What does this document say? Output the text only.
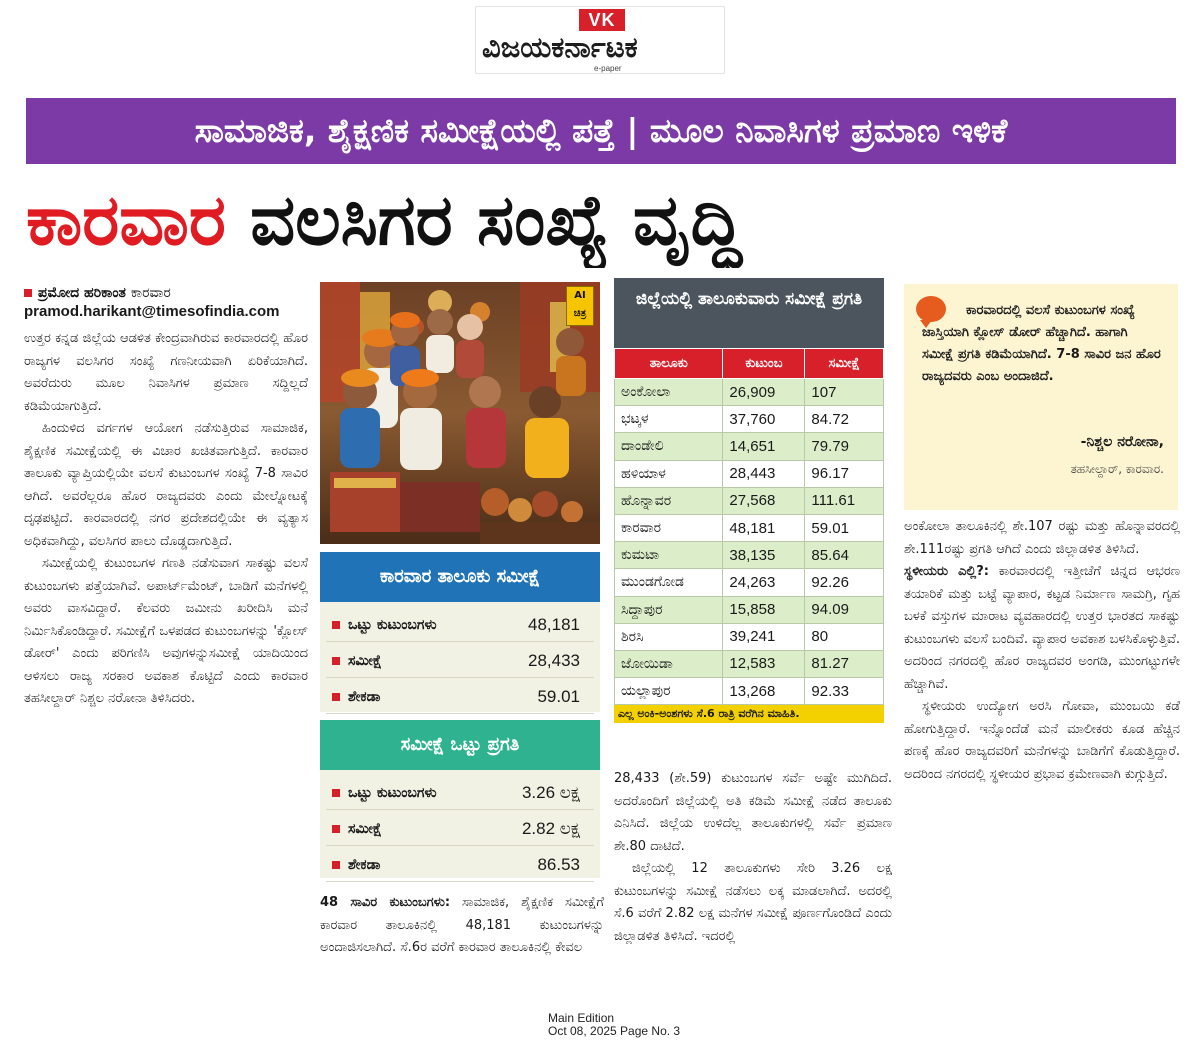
VK
ವಿಜಯಕರ್ನಾಟಕ
e-paper
ಸಾಮಾಜಿಕ, ಶೈಕ್ಷಣಿಕ ಸಮೀಕ್ಷೆಯಲ್ಲಿ ಪತ್ತೆ | ಮೂಲ ನಿವಾಸಿಗಳ ಪ್ರಮಾಣ ಇಳಿಕೆ
ಕಾರವಾರ ವಲಸಿಗರ ಸಂಖ್ಯೆ ವೃದ್ಧಿ
ಪ್ರಮೋದ ಹರಿಕಾಂತ ಕಾರವಾರ
pramod.harikant@timesofindia.com

ಉತ್ತರ ಕನ್ನಡ ಜಿಲ್ಲೆಯ ಆಡಳಿತ ಕೇಂದ್ರವಾಗಿರುವ ಕಾರವಾರದಲ್ಲಿ ಹೊರ ರಾಜ್ಯಗಳ ವಲಸಿಗರ ಸಂಖ್ಯೆ ಗಣನೀಯವಾಗಿ ಏರಿಕೆಯಾಗಿದೆ. ಅವರೆದುರು ಮೂಲ ನಿವಾಸಿಗಳ ಪ್ರಮಾಣ ಸದ್ದಿಲ್ಲದೆ ಕಡಿಮೆಯಾಗುತ್ತಿದೆ.

ಹಿಂದುಳಿದ ವರ್ಗಗಳ ಆಯೋಗ ನಡೆಸುತ್ತಿರುವ ಸಾಮಾಜಿಕ, ಶೈಕ್ಷಣಿಕ ಸಮೀಕ್ಷೆಯಲ್ಲಿ ಈ ವಿಚಾರ ಖಚಿತವಾಗುತ್ತಿದೆ. ಕಾರವಾರ ತಾಲೂಕು ವ್ಯಾಪ್ತಿಯಲ್ಲಿಯೇ ವಲಸೆ ಕುಟುಂಬಗಳ ಸಂಖ್ಯೆ 7-8 ಸಾವಿರ ಆಗಿದೆ. ಅವರೆಲ್ಲರೂ ಹೊರ ರಾಜ್ಯದವರು ಎಂದು ಮೇಲ್ನೋಟಕ್ಕೆ ದೃಢಪಟ್ಟಿದೆ. ಕಾರವಾರದಲ್ಲಿ ನಗರ ಪ್ರದೇಶದಲ್ಲಿಯೇ ಈ ವ್ಯತ್ಯಾಸ ಅಧಿಕವಾಗಿದ್ದು, ವಲಸಿಗರ ಪಾಲು ದೊಡ್ಡದಾಗುತ್ತಿದೆ.

ಸಮೀಕ್ಷೆಯಲ್ಲಿ ಕುಟುಂಬಗಳ ಗಣತಿ ನಡೆಸುವಾಗ ಸಾಕಷ್ಟು ವಲಸೆ ಕುಟುಂಬಗಳು ಪತ್ತೆಯಾಗಿವೆ. ಅಪಾರ್ಟ್‌ಮೆಂಟ್, ಬಾಡಿಗೆ ಮನೆಗಳಲ್ಲಿ ಅವರು ವಾಸವಿದ್ದಾರೆ. ಕೆಲವರು ಜಮೀನು ಖರೀದಿಸಿ ಮನೆ ನಿರ್ಮಿಸಿಕೊಂಡಿದ್ದಾರೆ. ಸಮೀಕ್ಷೆಗೆ ಒಳಪಡದ ಕುಟುಂಬಗಳನ್ನು 'ಕ್ಲೋಸ್ ಡೋರ್' ಎಂದು ಪರಿಗಣಿಸಿ ಅವುಗಳನ್ನುಸಮೀಕ್ಷೆ ಯಾದಿಯಿಂದ ಆಳಿಸಲು ರಾಜ್ಯ ಸರಕಾರ ಅವಕಾಶ ಕೊಟ್ಟಿದೆ ಎಂದು ಕಾರವಾರ ತಹಸೀಲ್ದಾರ್ ನಿಶ್ಚಲ ನರೋನಾ ತಿಳಿಸಿದರು.

AI
ಚಿತ್ರ
ಕಾರವಾರ ತಾಲೂಕು ಸಮೀಕ್ಷೆ
ಒಟ್ಟು ಕುಟುಂಬಗಳು	48,181
ಸಮೀಕ್ಷೆ	28,433
ಶೇಕಡಾ	59.01
ಸಮೀಕ್ಷೆ ಒಟ್ಟು ಪ್ರಗತಿ
ಒಟ್ಟು ಕುಟುಂಬಗಳು	3.26 ಲಕ್ಷ
ಸಮೀಕ್ಷೆ	2.82 ಲಕ್ಷ
ಶೇಕಡಾ	86.53

48 ಸಾವಿರ ಕುಟುಂಬಗಳು: ಸಾಮಾಜಿಕ, ಶೈಕ್ಷಣಿಕ ಸಮೀಕ್ಷೆಗೆ ಕಾರವಾರ ತಾಲೂಕಿನಲ್ಲಿ 48,181 ಕುಟುಂಬಗಳನ್ನು ಅಂದಾಜಿಸಲಾಗಿದೆ. ಸೆ.6ರ ವರೆಗೆ ಕಾರವಾರ ತಾಲೂಕಿನಲ್ಲಿ ಕೇವಲ

ಜಿಲ್ಲೆಯಲ್ಲಿ ತಾಲೂಕುವಾರು ಸಮೀಕ್ಷೆ ಪ್ರಗತಿ
ತಾಲೂಕು	ಕುಟುಂಬ	ಸಮೀಕ್ಷೆ
ಅಂಕೋಲಾ	26,909	107
ಭಟ್ಕಳ	37,760	84.72
ದಾಂಡೇಲಿ	14,651	79.79
ಹಳಿಯಾಳ	28,443	96.17
ಹೊನ್ನಾವರ	27,568	111.61
ಕಾರವಾರ	48,181	59.01
ಕುಮಟಾ	38,135	85.64
ಮುಂಡಗೋಡ	24,263	92.26
ಸಿದ್ದಾಪುರ	15,858	94.09
ಶಿರಸಿ	39,241	80
ಜೋಯಿಡಾ	12,583	81.27
ಯಲ್ಲಾಪುರ	13,268	92.33
ಎಲ್ಲ ಅಂಕಿ-ಅಂಶಗಳು ಸೆ.6 ರಾತ್ರಿ ವರೆಗಿನ ಮಾಹಿತಿ.

28,433 (ಶೇ.59) ಕುಟುಂಬಗಳ ಸರ್ವೆ ಅಷ್ಟೇ ಮುಗಿದಿದೆ. ಅದರೊಂದಿಗೆ ಜಿಲ್ಲೆಯಲ್ಲಿ ಅತಿ ಕಡಿಮೆ ಸಮೀಕ್ಷೆ ನಡೆದ ತಾಲೂಕು ಎನಿಸಿದೆ. ಜಿಲ್ಲೆಯ ಉಳಿದೆಲ್ಲ ತಾಲೂಕುಗಳಲ್ಲಿ ಸರ್ವೆ ಪ್ರಮಾಣ ಶೇ.80 ದಾಟಿದೆ.

ಜಿಲ್ಲೆಯಲ್ಲಿ 12 ತಾಲೂಕುಗಳು ಸೇರಿ 3.26 ಲಕ್ಷ ಕುಟುಂಬಗಳನ್ನು ಸಮೀಕ್ಷೆ ನಡೆಸಲು ಲಕ್ಕ ಮಾಡಲಾಗಿದೆ. ಅದರಲ್ಲಿ ಸೆ.6 ವರೆಗೆ 2.82 ಲಕ್ಷ ಮನೆಗಳ ಸಮೀಕ್ಷೆ ಪೂರ್ಣಗೊಂಡಿದೆ ಎಂದು ಜಿಲ್ಲಾಡಳಿತ ತಿಳಿಸಿದೆ. ಇದರಲ್ಲಿ

ಕಾರವಾರದಲ್ಲಿ ವಲಸೆ ಕುಟುಂಬಗಳ ಸಂಖ್ಯೆ ಜಾಸ್ತಿಯಾಗಿ ಕ್ಲೋಸ್ ಡೋರ್ ಹೆಚ್ಚಾಗಿದೆ. ಹಾಗಾಗಿ ಸಮೀಕ್ಷೆ ಪ್ರಗತಿ ಕಡಿಮೆಯಾಗಿದೆ. 7-8 ಸಾವಿರ ಜನ ಹೊರ ರಾಜ್ಯದವರು ಎಂಬ ಅಂದಾಜಿದೆ.
-ನಿಶ್ಚಲ ನರೋನಾ,
ತಹಸೀಲ್ದಾರ್, ಕಾರವಾರ.

ಅಂಕೋಲಾ ತಾಲೂಕಿನಲ್ಲಿ ಶೇ.107 ರಷ್ಟು ಮತ್ತು ಹೊನ್ನಾವರದಲ್ಲಿ ಶೇ.111ರಷ್ಟು ಪ್ರಗತಿ ಆಗಿದೆ ಎಂದು ಜಿಲ್ಲಾಡಳಿತ ತಿಳಿಸಿದೆ.

ಸ್ಥಳೀಯರು ಎಲ್ಲಿ?: ಕಾರವಾರದಲ್ಲಿ ಇತ್ತೀಚೆಗೆ ಚಿನ್ನದ ಆಭರಣ ತಯಾರಿಕೆ ಮತ್ತು ಬಟ್ಟೆ ವ್ಯಾಪಾರ, ಕಟ್ಟಡ ನಿರ್ಮಾಣ ಸಾಮಗ್ರಿ, ಗೃಹ ಬಳಕೆ ವಸ್ತುಗಳ ಮಾರಾಟ ವ್ಯವಹಾರದಲ್ಲಿ ಉತ್ತರ ಭಾರತದ ಸಾಕಷ್ಟು ಕುಟುಂಬಗಳು ವಲಸೆ ಬಂದಿವೆ. ವ್ಯಾಪಾರ ಅವಕಾಶ ಬಳಸಿಕೊಳ್ಳುತ್ತಿವೆ. ಅದರಿಂದ ನಗರದಲ್ಲಿ ಹೊರ ರಾಜ್ಯದವರ ಅಂಗಡಿ, ಮುಂಗಟ್ಟುಗಳೇ ಹೆಚ್ಚಾಗಿವೆ.

ಸ್ಥಳೀಯರು ಉದ್ಯೋಗ ಅರಸಿ ಗೋವಾ, ಮುಂಬಯಿ ಕಡೆ ಹೋಗುತ್ತಿದ್ದಾರೆ. ಇನ್ನೊಂದೆಡೆ ಮನೆ ಮಾಲೀಕರು ಕೂಡ ಹೆಚ್ಚಿನ ಪಣಕ್ಕೆ ಹೊರ ರಾಜ್ಯದವರಿಗೆ ಮನೆಗಳನ್ನು ಬಾಡಿಗೆಗೆ ಕೊಡುತ್ತಿದ್ದಾರೆ. ಅದರಿಂದ ನಗರದಲ್ಲಿ ಸ್ಥಳೀಯರ ಪ್ರಭಾವ ಕ್ರಮೇಣವಾಗಿ ಕುಗ್ಗುತ್ತಿದೆ.

Main Edition
Oct 08, 2025 Page No. 3
